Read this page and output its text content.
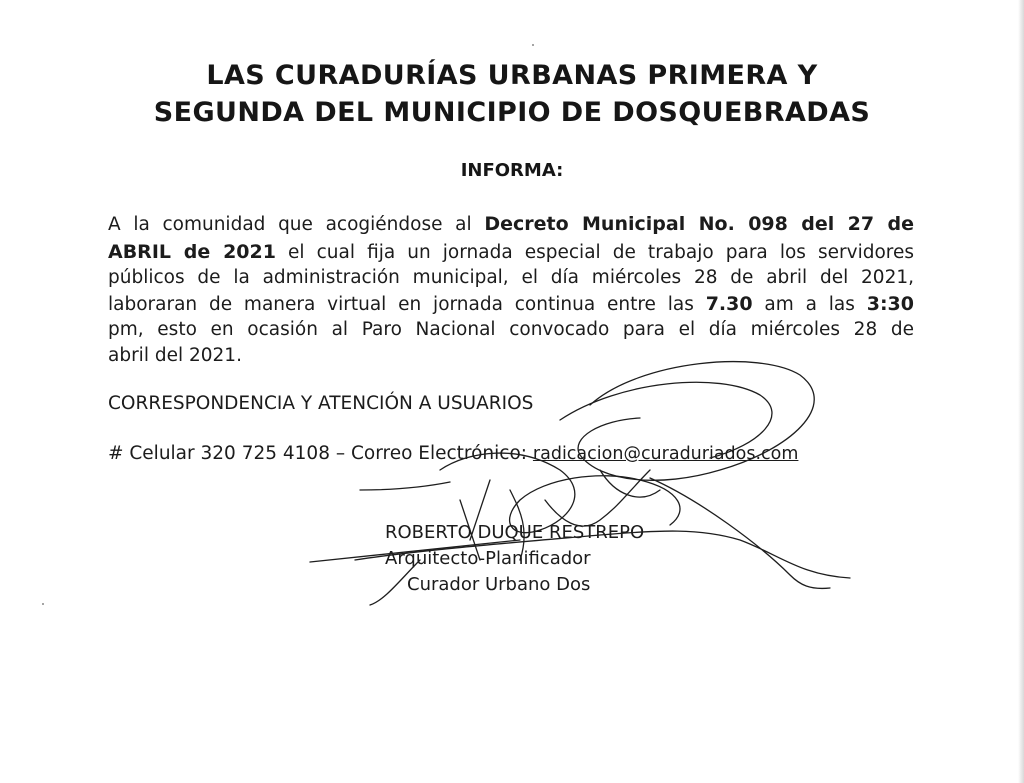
LAS CURADURÍAS URBANAS PRIMERA Y
SEGUNDA DEL MUNICIPIO DE DOSQUEBRADAS
INFORMA:
A la comunidad que acogiéndose al Decreto Municipal No. 098 del 27 de
ABRIL de 2021 el cual fija un jornada especial de trabajo para los servidores
públicos de la administración municipal, el día miércoles 28 de abril del 2021,
laboraran de manera virtual en jornada continua entre las 7.30 am a las 3:30
pm, esto en ocasión al Paro Nacional convocado para el día miércoles 28 de
abril del 2021.
CORRESPONDENCIA Y ATENCIÓN A USUARIOS
# Celular 320 725 4108 – Correo Electrónico: radicacion@curaduriados.com
ROBERTO DUQUE RESTREPO
Arquitecto-Planificador
Curador Urbano Dos
